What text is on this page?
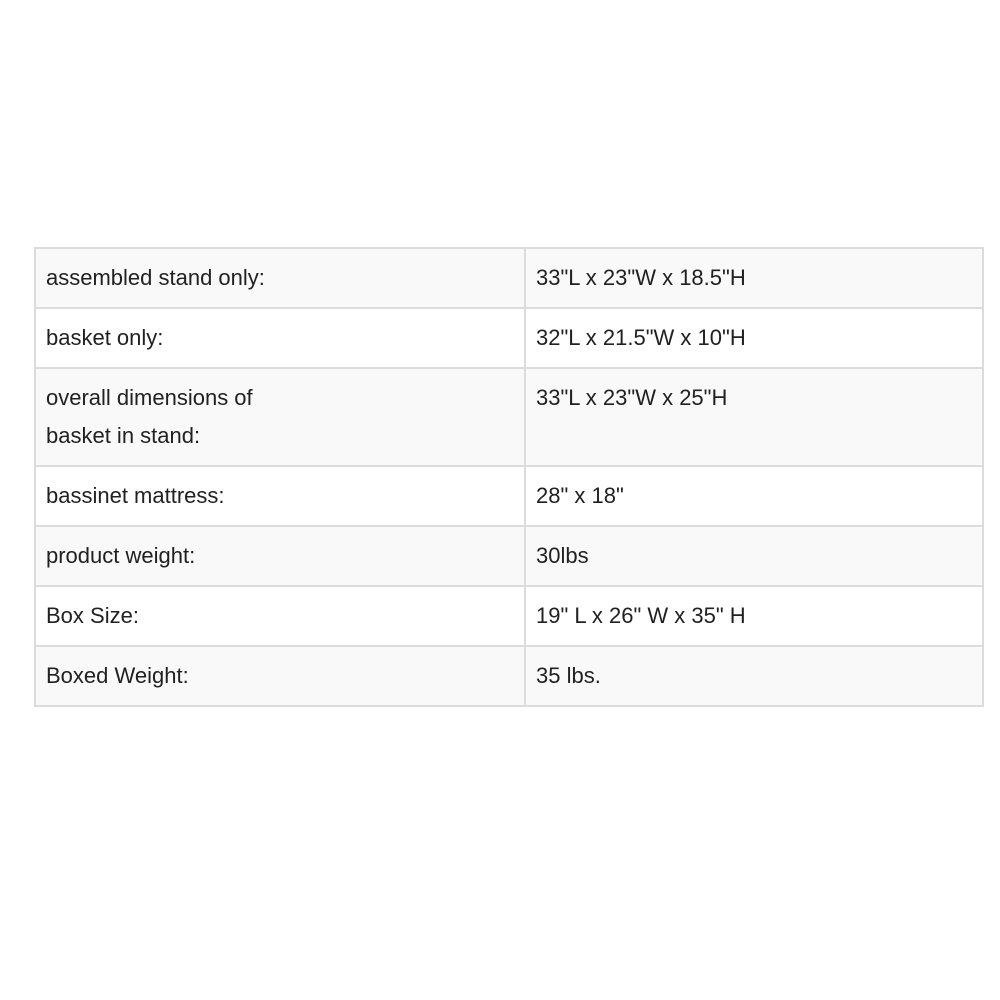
assembled stand only:	33"L x 23"W x 18.5"H
basket only:	32"L x 21.5"W x 10"H

overall dimensions of basket in stand:	33"L x 23"W x 25"H
bassinet mattress:	28" x 18"
product weight:	30lbs
Box Size:	19" L x 26" W x 35" H
Boxed Weight:	35 lbs.
